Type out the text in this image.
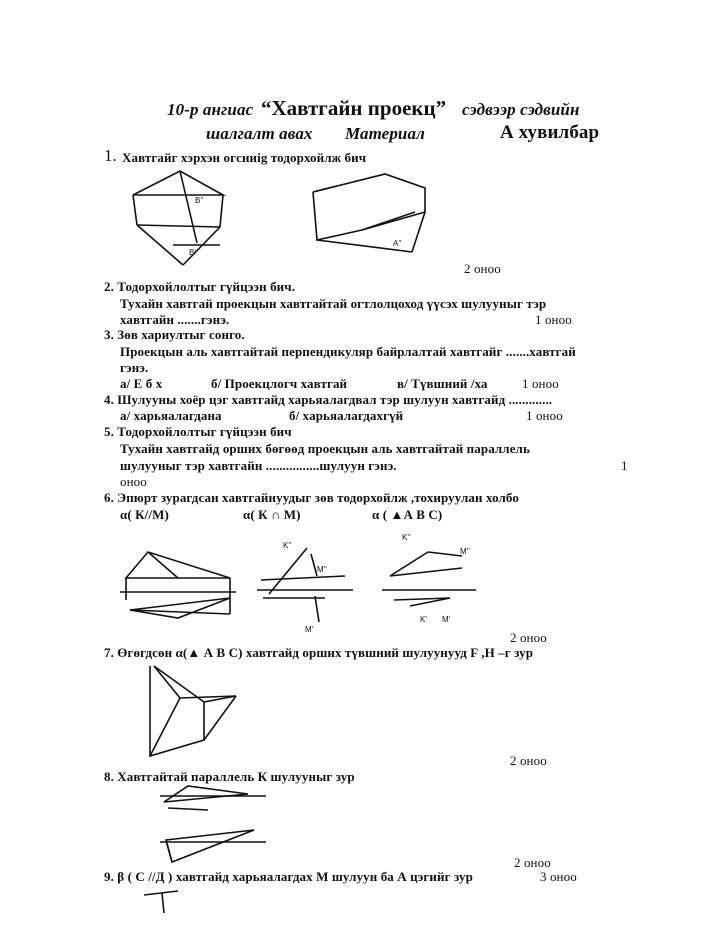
10-р ангиас “Хавтгайн проекц” сэдвээр сэдвийн
шалгалт авах Материал	А хувилбар
1. Хавтгайг хэрхэн огсниig тодорхойлж бич
B''
B'
A''
2 оноо
2. Тодорхойлолтыг гүйцээн бич.
Тухайн хавтгай проекцын хавтгайтай огтлолцоход үүсэх шулууныг тэр
хавтгайн .......гэнэ.	1 оноо
3. Зөв хариултыг сонго.
Проекцын аль хавтгайтай перпендикуляр байрлалтай хавтгайг .......хавтгай
гэнэ.
а/ Е б х	б/ Проекцлогч хавтгай	в/ Түвшний /ха	1 оноо
4. Шулууны хоёр цэг хавтгайд харьяалагдвал тэр шулуун хавтгайд .............
а/ харьяалагдана	б/ харьяалагдахгүй	1 оноо
5. Тодорхойлолтыг гүйцээн бич
Тухайн хавтгайд орших бөгөөд проекцын аль хавтгайтай параллель
шулууныг тэр хавтгайн ................шулуун гэнэ.	1
оноо
6. Эпюрт зурагдсан хавтгайнуудыг зөв тодорхойлж ,тохируулан холбо
α( К//М)	α( К ∩ М)	α ( ▲А В С)
K''
M''
M'
K''
M''
K' M'
2 оноо
7. Өгөгдсөн α(▲ А В С) хавтгайд орших түвшний шулуунууд F ,H –г зур
2 оноо
8. Хавтгайтай параллель К шулууныг зур
2 оноо
9. β ( С //Д ) хавтгайд харьяалагдах М шулуун ба А цэгийг зур	3 оноо
